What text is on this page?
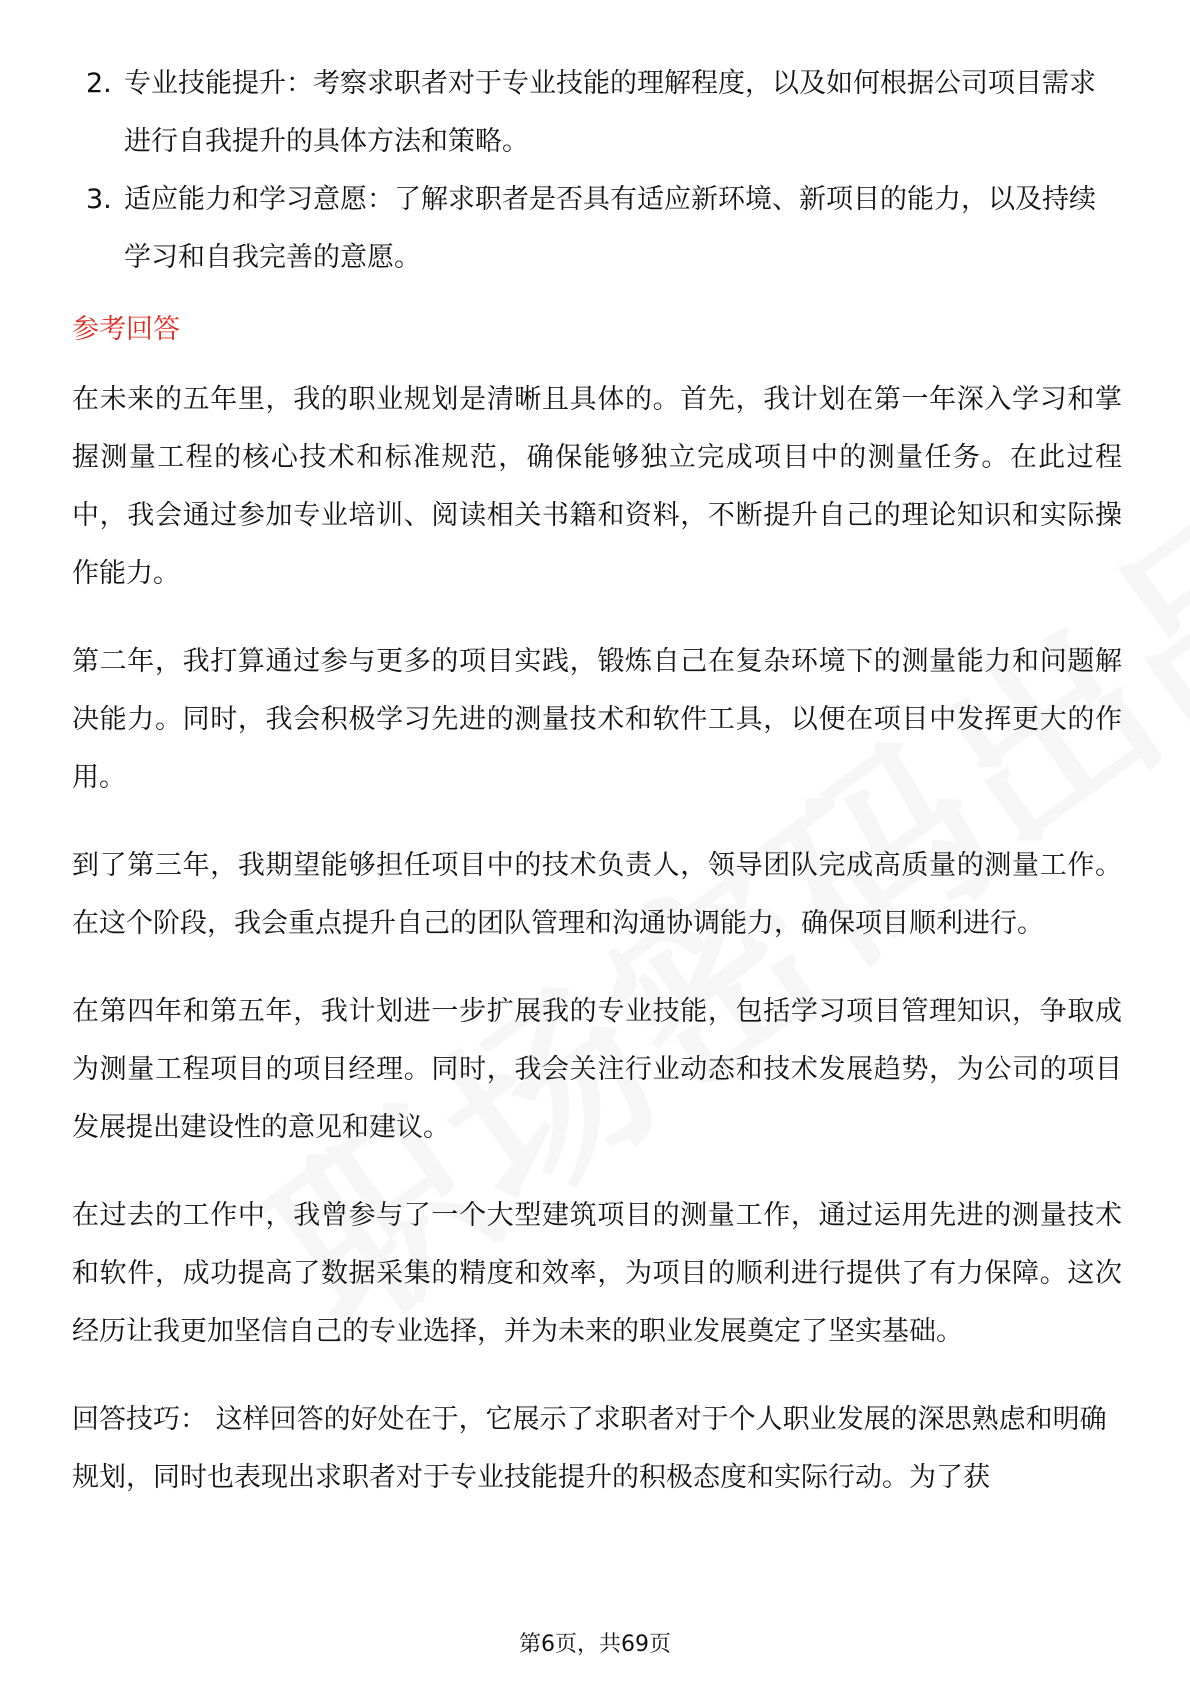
2. 专业技能提升：考察求职者对于专业技能的理解程度，以及如何根据公司项目需求进行自我提升的具体方法和策略。
3. 适应能力和学习意愿：了解求职者是否具有适应新环境、新项目的能力，以及持续学习和自我完善的意愿。
参考回答

在未来的五年里，我的职业规划是清晰且具体的。首先，我计划在第一年深入学习和掌握测量工程的核心技术和标准规范，确保能够独立完成项目中的测量任务。在此过程中，我会通过参加专业培训、阅读相关书籍和资料，不断提升自己的理论知识和实际操作能力。

第二年，我打算通过参与更多的项目实践，锻炼自己在复杂环境下的测量能力和问题解决能力。同时，我会积极学习先进的测量技术和软件工具，以便在项目中发挥更大的作用。

到了第三年，我期望能够担任项目中的技术负责人，领导团队完成高质量的测量工作。在这个阶段，我会重点提升自己的团队管理和沟通协调能力，确保项目顺利进行。

在第四年和第五年，我计划进一步扩展我的专业技能，包括学习项目管理知识，争取成为测量工程项目的项目经理。同时，我会关注行业动态和技术发展趋势，为公司的项目发展提出建设性的意见和建议。

在过去的工作中，我曾参与了一个大型建筑项目的测量工作，通过运用先进的测量技术和软件，成功提高了数据采集的精度和效率，为项目的顺利进行提供了有力保障。这次经历让我更加坚信自己的专业选择，并为未来的职业发展奠定了坚实基础。

回答技巧： 这样回答的好处在于，它展示了求职者对于个人职业发展的深思熟虑和明确规划，同时也表现出求职者对于专业技能提升的积极态度和实际行动。为了获

第6页，共69页
